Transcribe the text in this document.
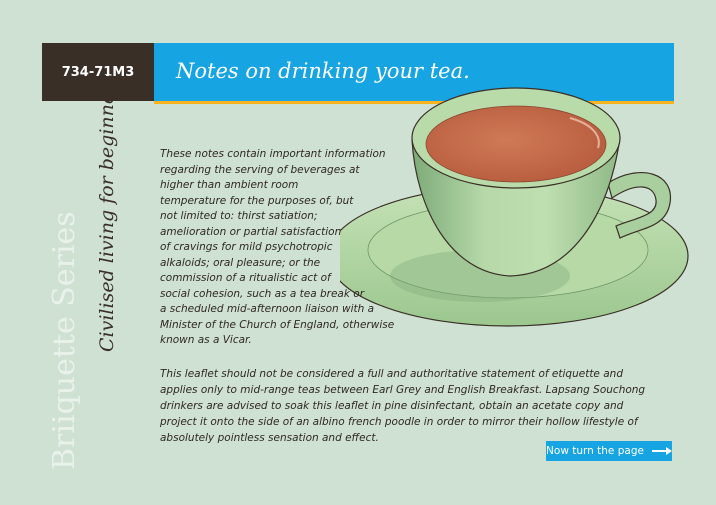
734-71M3	Notes on drinking your tea.
Briiquette Series Civilised living for beginners.	These notes contain important information
regarding the serving of beverages at
higher than ambient room
temperature for the purposes of, but
not limited to: thirst satiation;
amelioration or partial satisfaction
of cravings for mild psychotropic
alkaloids; oral pleasure; or the
commission of a ritualistic act of
social cohesion, such as a tea break or
a scheduled mid-afternoon liaison with a
Minister of the Church of England, otherwise
known as a Vicar.
This leaflet should not be considered a full and authoritative statement of etiquette and
applies only to mid-range teas between Earl Grey and English Breakfast. Lapsang Souchong
drinkers are advised to soak this leaflet in pine disinfectant, obtain an acetate copy and
project it onto the side of an albino french poodle in order to mirror their hollow lifestyle of
absolutely pointless sensation and effect.
Now turn the page
